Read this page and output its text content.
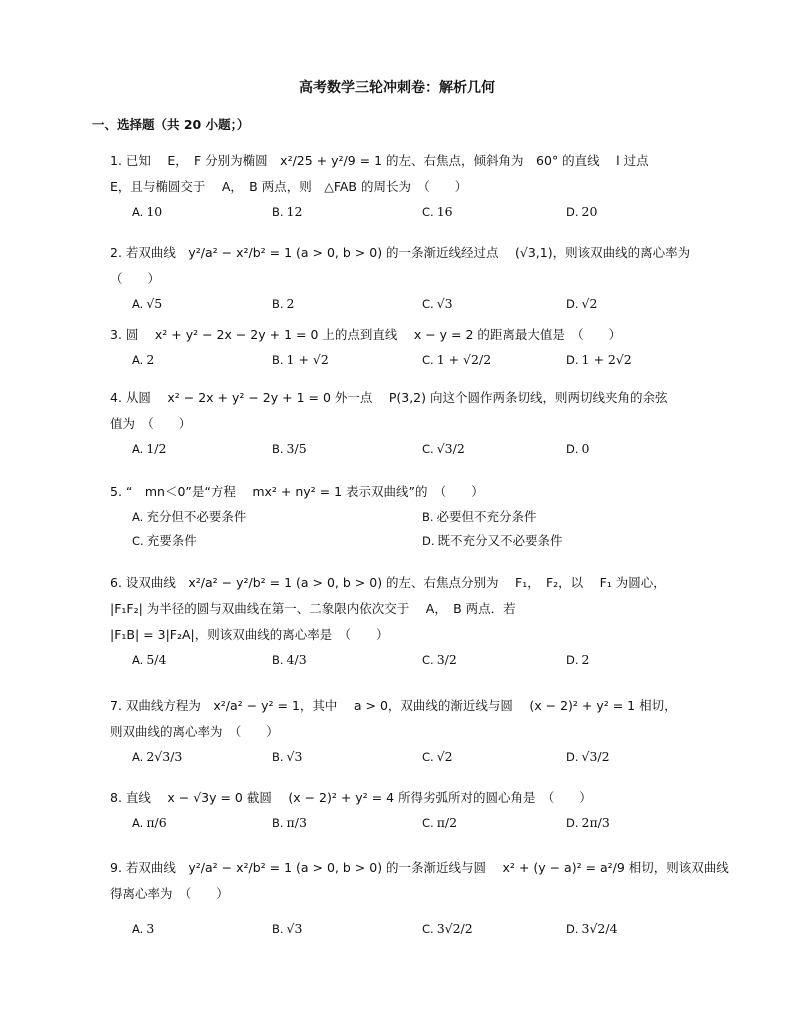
高考数学三轮冲刺卷：解析几何
一、选择题（共 20 小题；）
1. 已知　 E，　F 分别为椭圆　x²/25 + y²/9 = 1 的左、右焦点，倾斜角为　60° 的直线　 l 过点
E，且与椭圆交于　 A，　B 两点，则　△FAB 的周长为　（　　）
A. 10	B. 12	C. 16	D. 20
2. 若双曲线　y²/a² − x²/b² = 1 (a > 0, b > 0) 的一条渐近线经过点　 (√3,1)，则该双曲线的离心率为
（　　）
A. √5	B. 2	C. √3	D. √2
3. 圆　 x² + y² − 2x − 2y + 1 = 0 上的点到直线　 x − y = 2 的距离最大值是　（　　）
A. 2	B. 1 + √2	C. 1 + √2/2	D. 1 + 2√2
4. 从圆　 x² − 2x + y² − 2y + 1 = 0 外一点　 P(3,2) 向这个圆作两条切线，则两切线夹角的余弦
值为　（　　）
A. 1/2	B. 3/5	C. √3/2	D. 0
5. “　mn＜0”是“方程　 mx² + ny² = 1 表示双曲线”的　（　　）
A. 充分但不必要条件	B. 必要但不充分条件
C. 充要条件	D. 既不充分又不必要条件
6. 设双曲线　x²/a² − y²/b² = 1 (a > 0, b > 0) 的左、右焦点分别为　 F₁，　F₂，以　 F₁ 为圆心，
|F₁F₂| 为半径的圆与双曲线在第一、二象限内依次交于　 A，　B 两点．若
|F₁B| = 3|F₂A|，则该双曲线的离心率是　（　　）
A. 5/4	B. 4/3	C. 3/2	D. 2
7. 双曲线方程为　x²/a² − y² = 1，其中　 a > 0，双曲线的渐近线与圆　 (x − 2)² + y² = 1 相切，
则双曲线的离心率为　（　　）
A. 2√3/3	B. √3	C. √2	D. √3/2
8. 直线　 x − √3y = 0 截圆　 (x − 2)² + y² = 4 所得劣弧所对的圆心角是　（　　）
A. π/6	B. π/3	C. π/2	D. 2π/3
9. 若双曲线　y²/a² − x²/b² = 1 (a > 0, b > 0) 的一条渐近线与圆　 x² + (y − a)² = a²/9 相切，则该双曲线
得离心率为　（　　）
A. 3	B. √3	C. 3√2/2	D. 3√2/4
